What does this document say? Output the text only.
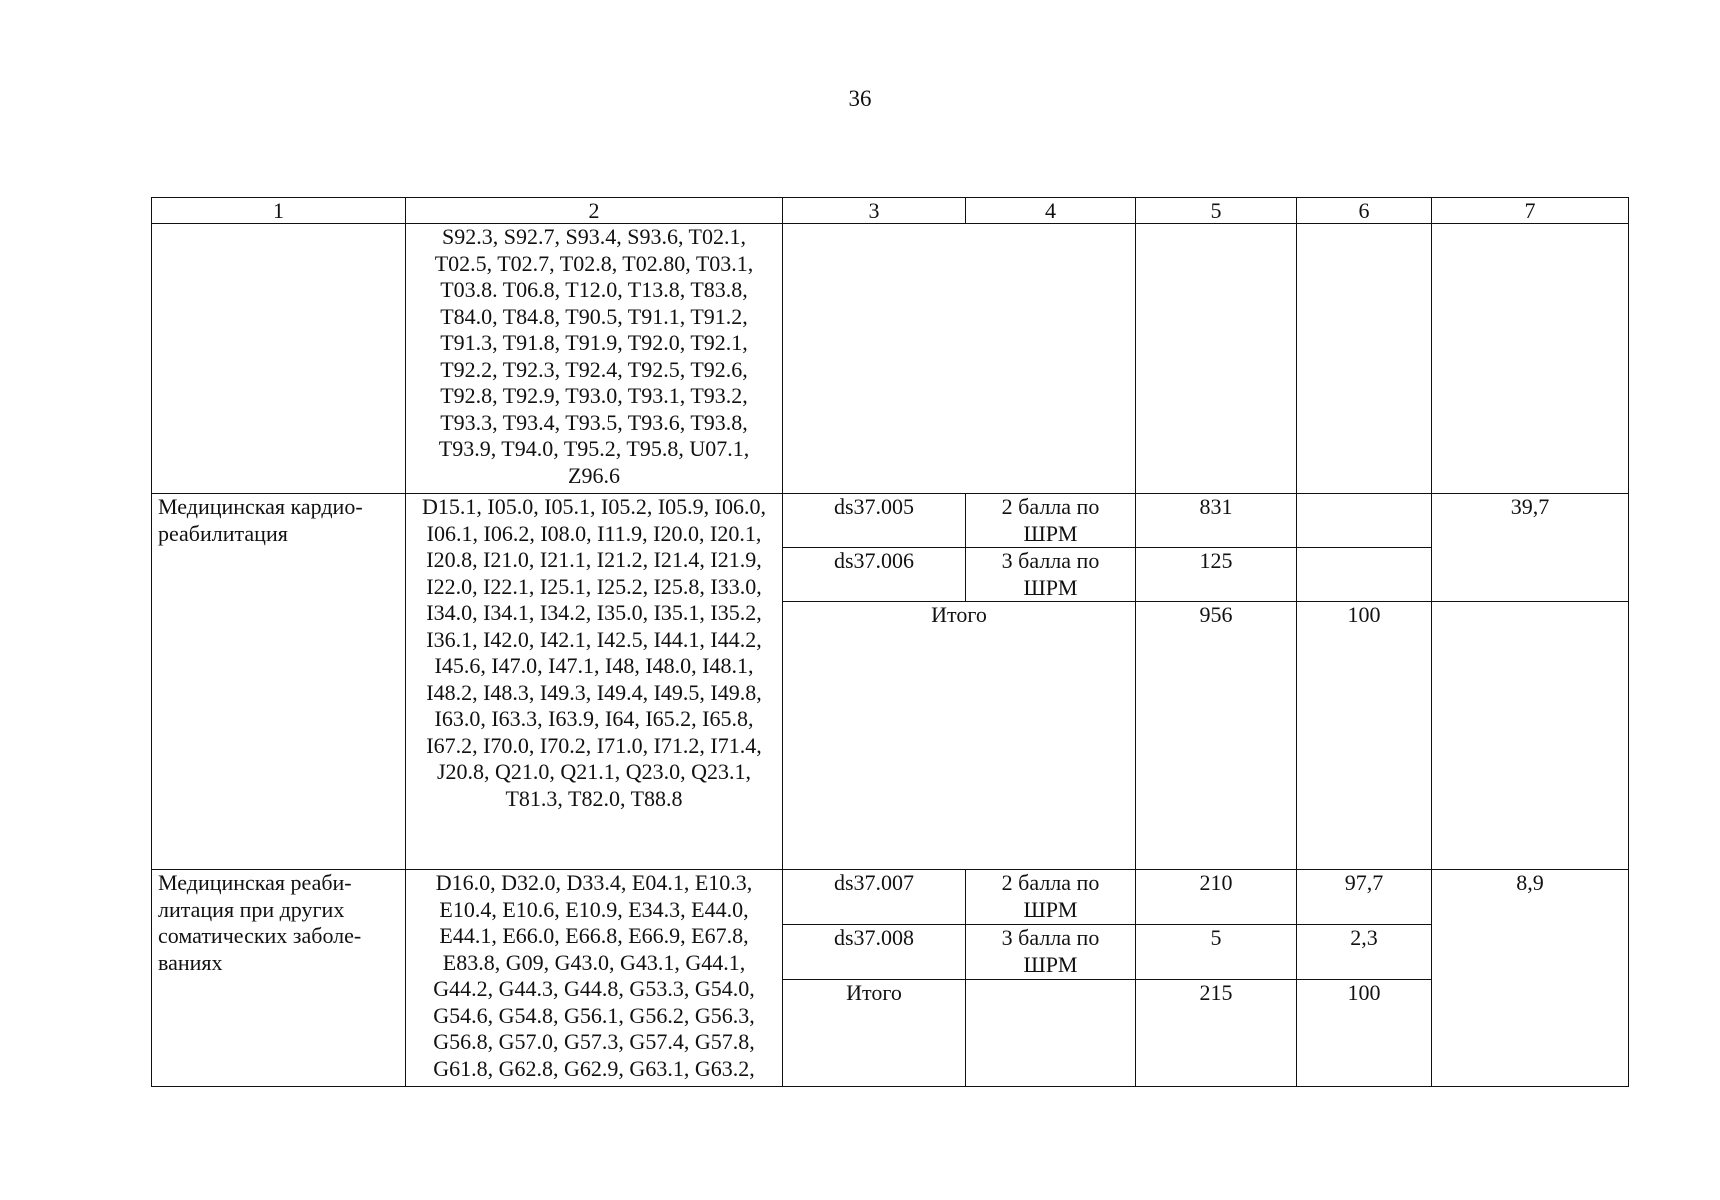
36
1	2	3	4	5	6	7
	S92.3, S92.7, S93.4, S93.6, T02.1, T02.5, T02.7, T02.8, T02.80, T03.1, T03.8. T06.8, T12.0, T13.8, T83.8, T84.0, T84.8, T90.5, T91.1, T91.2, T91.3, T91.8, T91.9, T92.0, T92.1, T92.2, T92.3, T92.4, T92.5, T92.6, T92.8, T92.9, T93.0, T93.1, T93.2, T93.3, T93.4, T93.5, T93.6, T93.8, T93.9, T94.0, T95.2, T95.8, U07.1, Z96.6					
Медицинская кардио-реабилитация	D15.1, I05.0, I05.1, I05.2, I05.9, I06.0, I06.1, I06.2, I08.0, I11.9, I20.0, I20.1, I20.8, I21.0, I21.1, I21.2, I21.4, I21.9, I22.0, I22.1, I25.1, I25.2, I25.8, I33.0, I34.0, I34.1, I34.2, I35.0, I35.1, I35.2, I36.1, I42.0, I42.1, I42.5, I44.1, I44.2, I45.6, I47.0, I47.1, I48, I48.0, I48.1, I48.2, I48.3, I49.3, I49.4, I49.5, I49.8, I63.0, I63.3, I63.9, I64, I65.2, I65.8, I67.2, I70.0, I70.2, I71.0, I71.2, I71.4, J20.8, Q21.0, Q21.1, Q23.0, Q23.1, T81.3, T82.0, T88.8	ds37.005	2 балла по ШРМ	831		39,7
		ds37.006	3 балла по ШРМ	125		
		Итого		956	100	
Медицинская реаби-литация при других соматических заболе-ваниях	D16.0, D32.0, D33.4, E04.1, E10.3, E10.4, E10.6, E10.9, E34.3, E44.0, E44.1, E66.0, E66.8, E66.9, E67.8, E83.8, G09, G43.0, G43.1, G44.1, G44.2, G44.3, G44.8, G53.3, G54.0, G54.6, G54.8, G56.1, G56.2, G56.3, G56.8, G57.0, G57.3, G57.4, G57.8, G61.8, G62.8, G62.9, G63.1, G63.2,	ds37.007	2 балла по ШРМ	210	97,7	8,9
		ds37.008	3 балла по ШРМ	5	2,3	
		Итого		215	100	
